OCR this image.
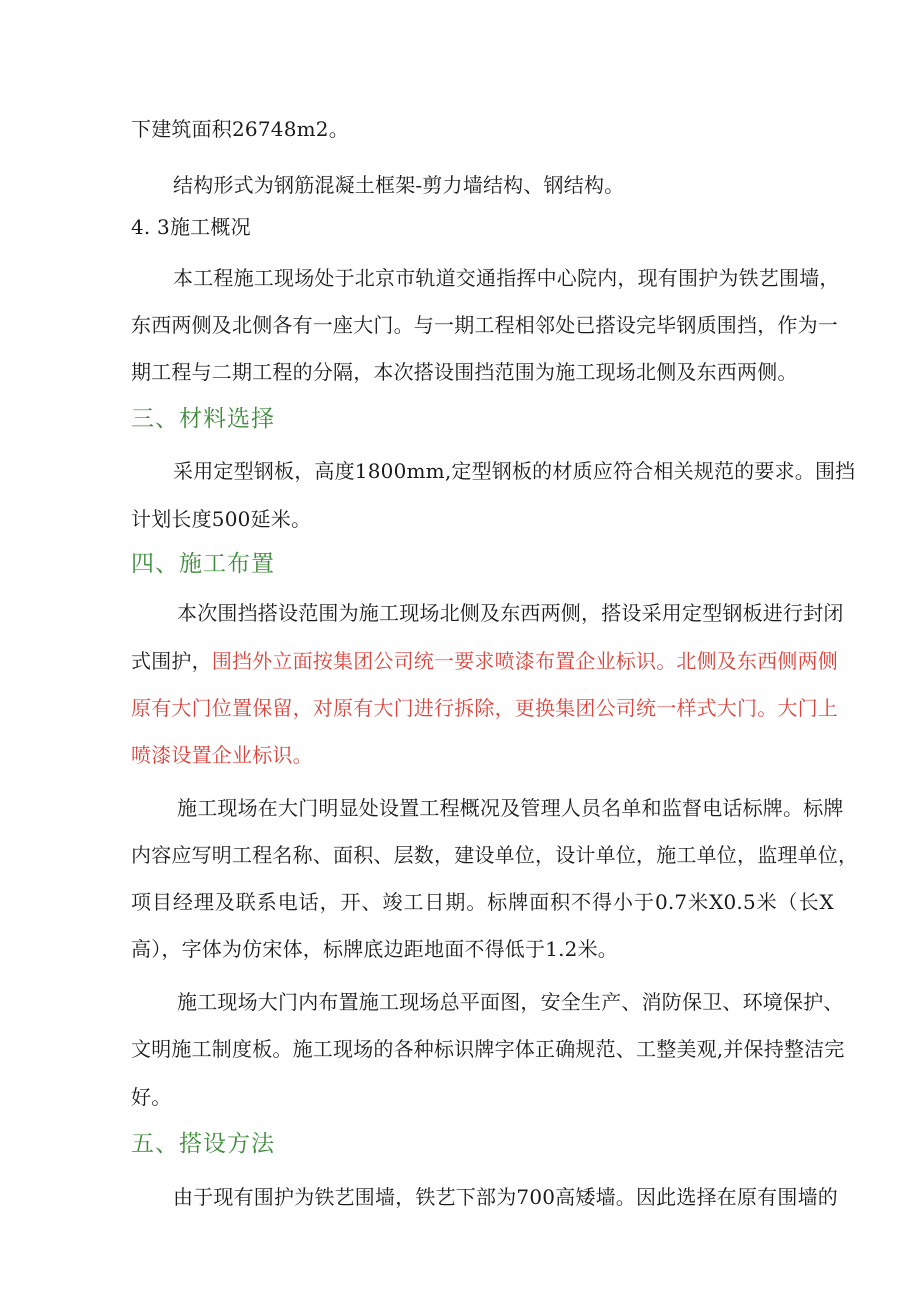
下建筑面积26748m2。
结构形式为钢筋混凝土框架-剪力墙结构、钢结构。
4. 3施工概况
本工程施工现场处于北京市轨道交通指挥中心院内，现有围护为铁艺围墙，
东西两侧及北侧各有一座大门。与一期工程相邻处已搭设完毕钢质围挡，作为一
期工程与二期工程的分隔，本次搭设围挡范围为施工现场北侧及东西两侧。
三、材料选择
采用定型钢板，高度1800mm,定型钢板的材质应符合相关规范的要求。围挡
计划长度500延米。
四、施工布置
本次围挡搭设范围为施工现场北侧及东西两侧，搭设采用定型钢板进行封闭
式围护，围挡外立面按集团公司统一要求喷漆布置企业标识。北侧及东西侧两侧
原有大门位置保留，对原有大门进行拆除，更换集团公司统一样式大门。大门上
喷漆设置企业标识。
施工现场在大门明显处设置工程概况及管理人员名单和监督电话标牌。标牌
内容应写明工程名称、面积、层数，建设单位，设计单位，施工单位，监理单位，
项目经理及联系电话，开、竣工日期。标牌面积不得小于0.7米X0.5米（长X
高），字体为仿宋体，标牌底边距地面不得低于1.2米。
施工现场大门内布置施工现场总平面图，安全生产、消防保卫、环境保护、
文明施工制度板。施工现场的各种标识牌字体正确规范、工整美观,并保持整洁完
好。
五、搭设方法
由于现有围护为铁艺围墙，铁艺下部为700高矮墙。因此选择在原有围墙的
